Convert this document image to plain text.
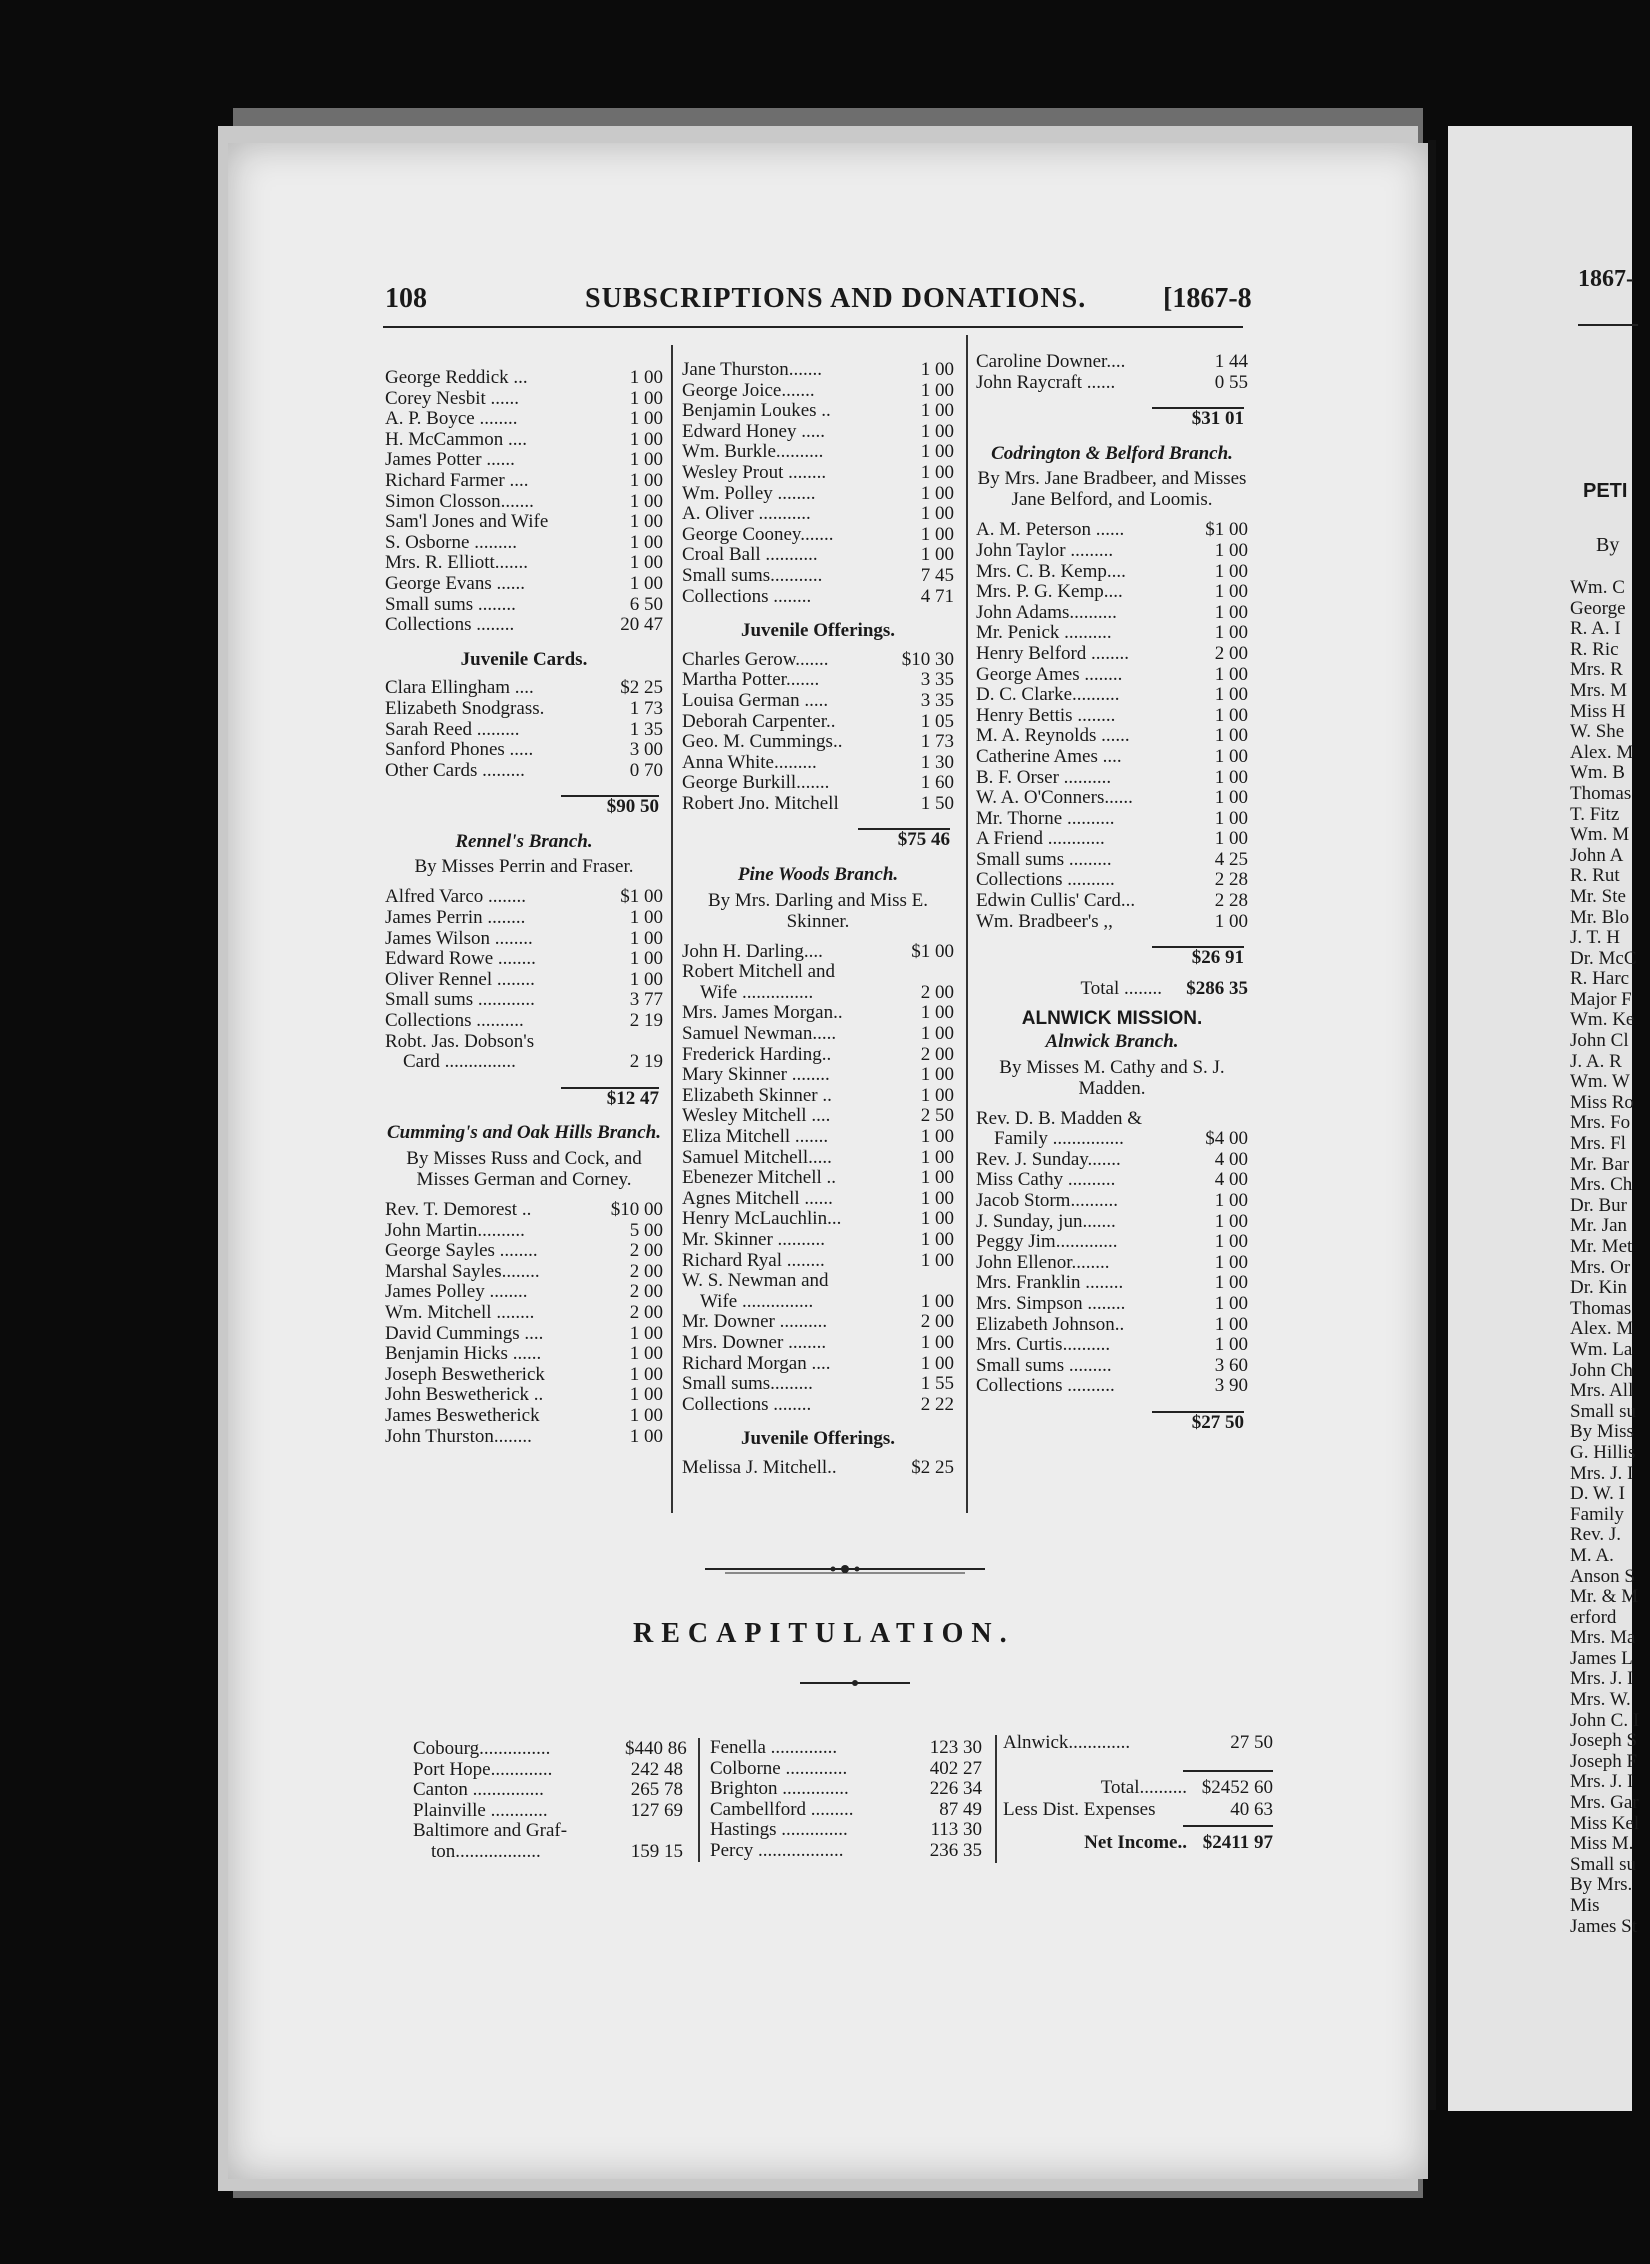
108	SUBSCRIPTIONS AND DONATIONS.	[1867-8
George Reddick ...	1 00
Corey Nesbit ......	1 00
A. P. Boyce ........	1 00
H. McCammon ....	1 00
James Potter ......	1 00
Richard Farmer ....	1 00
Simon Closson.......	1 00
Sam'l Jones and Wife	1 00
S. Osborne .........	1 00
Mrs. R. Elliott.......	1 00
George Evans ......	1 00
Small sums ........	6 50
Collections ........	20 47
Juvenile Cards.
Clara Ellingham ....	$2 25
Elizabeth Snodgrass.	1 73
Sarah Reed .........	1 35
Sanford Phones .....	3 00
Other Cards .........	0 70
$90 50
Rennel's Branch.
By Misses Perrin and Fraser.
Alfred Varco ........	$1 00
James Perrin ........	1 00
James Wilson ........	1 00
Edward Rowe ........	1 00
Oliver Rennel ........	1 00
Small sums ............	3 77
Collections ..........	2 19
Robt. Jas. Dobson's
Card ...............	2 19
$12 47
Cumming's and Oak Hills Branch.
By Misses Russ and Cock, and Misses German and Corney.
Rev. T. Demorest ..	$10 00
John Martin..........	5 00
George Sayles ........	2 00
Marshal Sayles........	2 00
James Polley ........	2 00
Wm. Mitchell ........	2 00
David Cummings ....	1 00
Benjamin Hicks ......	1 00
Joseph Beswetherick	1 00
John Beswetherick ..	1 00
James Beswetherick	1 00
John Thurston........	1 00
Jane Thurston.......	1 00
George Joice.......	1 00
Benjamin Loukes ..	1 00
Edward Honey .....	1 00
Wm. Burkle..........	1 00
Wesley Prout ........	1 00
Wm. Polley ........	1 00
A. Oliver ...........	1 00
George Cooney.......	1 00
Croal Ball ...........	1 00
Small sums...........	7 45
Collections ........	4 71
Juvenile Offerings.
Charles Gerow.......	$10 30
Martha Potter.......	3 35
Louisa German .....	3 35
Deborah Carpenter..	1 05
Geo. M. Cummings..	1 73
Anna White.........	1 30
George Burkill.......	1 60
Robert Jno. Mitchell	1 50
$75 46
Pine Woods Branch.
By Mrs. Darling and Miss E. Skinner.
John H. Darling....	$1 00
Robert Mitchell and
Wife ...............	2 00
Mrs. James Morgan..	1 00
Samuel Newman.....	1 00
Frederick Harding..	2 00
Mary Skinner ........	1 00
Elizabeth Skinner ..	1 00
Wesley Mitchell ....	2 50
Eliza Mitchell .......	1 00
Samuel Mitchell.....	1 00
Ebenezer Mitchell ..	1 00
Agnes Mitchell ......	1 00
Henry McLauchlin...	1 00
Mr. Skinner ..........	1 00
Richard Ryal ........	1 00
W. S. Newman and
Wife ...............	1 00
Mr. Downer ..........	2 00
Mrs. Downer ........	1 00
Richard Morgan ....	1 00
Small sums.........	1 55
Collections ........	2 22
Juvenile Offerings.
Melissa J. Mitchell..	$2 25
Caroline Downer....	1 44
John Raycraft ......	0 55
$31 01
Codrington & Belford Branch.
By Mrs. Jane Bradbeer, and Misses Jane Belford, and Loomis.
A. M. Peterson ......	$1 00
John Taylor .........	1 00
Mrs. C. B. Kemp....	1 00
Mrs. P. G. Kemp....	1 00
John Adams..........	1 00
Mr. Penick ..........	1 00
Henry Belford ........	2 00
George Ames ........	1 00
D. C. Clarke..........	1 00
Henry Bettis ........	1 00
M. A. Reynolds ......	1 00
Catherine Ames ....	1 00
B. F. Orser ..........	1 00
W. A. O'Conners......	1 00
Mr. Thorne ..........	1 00
A Friend ............	1 00
Small sums .........	4 25
Collections ..........	2 28
Edwin Cullis' Card...	2 28
Wm. Bradbeer's ,,	1 00
$26 91
Total ........	$286 35
ALNWICK MISSION.
Alnwick Branch.
By Misses M. Cathy and S. J. Madden.
Rev. D. B. Madden &
Family ...............	$4 00
Rev. J. Sunday.......	4 00
Miss Cathy ..........	4 00
Jacob Storm..........	1 00
J. Sunday, jun.......	1 00
Peggy Jim.............	1 00
John Ellenor........	1 00
Mrs. Franklin ........	1 00
Mrs. Simpson ........	1 00
Elizabeth Johnson..	1 00
Mrs. Curtis..........	1 00
Small sums .........	3 60
Collections ..........	3 90
$27 50
RECAPITULATION.
Cobourg...............	$440 86
Port Hope.............	242 48
Canton ...............	265 78
Plainville ............	127 69
Baltimore and Graf-
ton..................	159 15
Fenella ..............	123 30
Colborne .............	402 27
Brighton ..............	226 34
Cambellford .........	87 49
Hastings ..............	113 30
Percy ..................	236 35
Alnwick.............	27 50
Total.......... $2452 60
Less Dist. Expenses	40 63
Net Income.. $2411 97
1867-
PETI
By
Wm. C
George
R. A. I
R. Ric
Mrs. R
Mrs. M
Miss H
W. She
Alex. M
Wm. B
Thomas
T. Fitz
Wm. M
John A
R. Rut
Mr. Ste
Mr. Blo
J. T. H
Dr. McC
R. Harc
Major F
Wm. Ke
John Cl
J. A. R
Wm. W
Miss Ro
Mrs. Fo
Mrs. Fl
Mr. Bar
Mrs. Ch
Dr. Bur
Mr. Jan
Mr. Met
Mrs. Or
Dr. Kin
Thomas
Alex. M
Wm. La
John Ch
Mrs. All
Small su
By Miss
G. Hillis
Mrs. J. I
D. W. I
Family
Rev. J.
M. A.
Anson S
Mr. & M
erford
Mrs. Ma
James L
Mrs. J. I
Mrs. W.
John C. I
Joseph S
Joseph F
Mrs. J. I
Mrs. Gar
Miss Kel
Miss M.
Small su
By Mrs.
Mis
James St
